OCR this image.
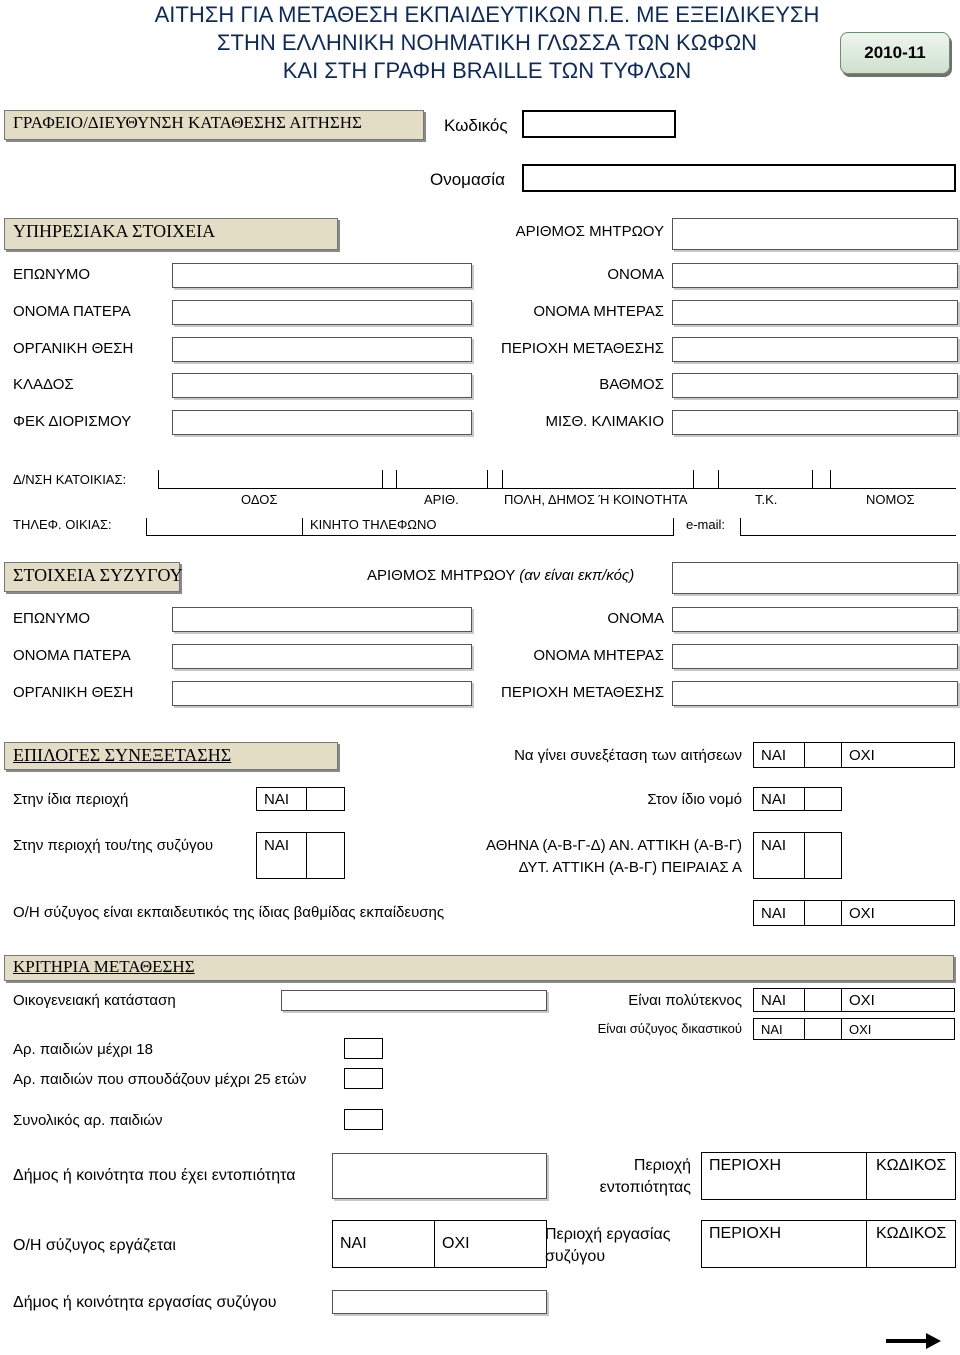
ΑΙΤΗΣΗ ΓΙΑ ΜΕΤΑΘΕΣΗ ΕΚΠΑΙΔΕΥΤΙΚΩΝ Π.Ε. ΜΕ ΕΞΕΙΔΙΚΕΥΣΗ
ΣΤΗΝ ΕΛΛΗΝΙΚΗ ΝΟΗΜΑΤΙΚΗ ΓΛΩΣΣΑ ΤΩΝ ΚΩΦΩΝ
ΚΑΙ ΣΤΗ ΓΡΑΦΗ BRAILLE ΤΩΝ ΤΥΦΛΩΝ
2010-11
ΓΡΑΦΕΙΟ/ΔΙΕΥΘΥΝΣΗ ΚΑΤΑΘΕΣΗΣ ΑΙΤΗΣΗΣ	Κωδικός
Ονομασία
ΥΠΗΡΕΣΙΑΚΑ ΣΤΟΙΧΕΙΑ	ΑΡΙΘΜΟΣ ΜΗΤΡΩΟΥ
ΕΠΩΝΥΜΟ	ΟΝΟΜΑ
ΟΝΟΜΑ ΠΑΤΕΡΑ	ΟΝΟΜΑ ΜΗΤΕΡΑΣ
ΟΡΓΑΝΙΚΗ ΘΕΣΗ	ΠΕΡΙΟΧΗ ΜΕΤΑΘΕΣΗΣ
ΚΛΑΔΟΣ	ΒΑΘΜΟΣ
ΦΕΚ ΔΙΟΡΙΣΜΟΥ	ΜΙΣΘ. ΚΛΙΜΑΚΙΟ
Δ/ΝΣΗ ΚΑΤΟΙΚΙΑΣ:
ΟΔΟΣ	ΑΡΙΘ.	ΠΟΛΗ, ΔΗΜΟΣ Ή ΚΟΙΝΟΤΗΤΑ	Τ.Κ.	ΝΟΜΟΣ
ΤΗΛΕΦ. ΟΙΚΙΑΣ:	ΚΙΝΗΤΟ ΤΗΛΕΦΩΝΟ	e-mail:
ΣΤΟΙΧΕΙΑ ΣΥΖΥΓΟΥ	ΑΡΙΘΜΟΣ ΜΗΤΡΩΟΥ (αν είναι εκπ/κός)
ΕΠΩΝΥΜΟ	ΟΝΟΜΑ
ΟΝΟΜΑ ΠΑΤΕΡΑ	ΟΝΟΜΑ ΜΗΤΕΡΑΣ
ΟΡΓΑΝΙΚΗ ΘΕΣΗ	ΠΕΡΙΟΧΗ ΜΕΤΑΘΕΣΗΣ
ΕΠΙΛΟΓΕΣ ΣΥΝΕΞΕΤΑΣΗΣ	Να γίνει συνεξέταση των αιτήσεων	ΝΑΙ	ΟΧΙ
Στην ίδια περιοχή	ΝΑΙ	Στον ίδιο νομό	ΝΑΙ
Στην περιοχή του/της συζύγου	ΝΑΙ	ΑΘΗΝΑ (Α-Β-Γ-Δ) ΑΝ. ΑΤΤΙΚΗ (Α-Β-Γ)
ΔΥΤ. ΑΤΤΙΚΗ (Α-Β-Γ) ΠΕΙΡΑΙΑΣ Α
ΝΑΙ
Ο/Η σύζυγος είναι εκπαιδευτικός της ίδιας βαθμίδας εκπαίδευσης	ΝΑΙ	ΟΧΙ
ΚΡΙΤΗΡΙΑ ΜΕΤΑΘΕΣΗΣ
Οικογενειακή κατάσταση	Είναι πολύτεκνος	ΝΑΙ	ΟΧΙ
Είναι σύζυγος δικαστικού	ΝΑΙ	ΟΧΙ
Αρ. παιδιών μέχρι 18
Αρ. παιδιών που σπουδάζουν μέχρι 25 ετών
Συνολικός αρ. παιδιών
Δήμος ή κοινότητα που έχει εντοπιότητα
Περιοχή
εντοπιότητας
ΠΕΡΙΟΧΗ	ΚΩΔΙΚΟΣ
Ο/Η σύζυγος εργάζεται	ΝΑΙ	ΟΧΙ
Περιοχή εργασίας
συζύγου
ΠΕΡΙΟΧΗ	ΚΩΔΙΚΟΣ
Δήμος ή κοινότητα εργασίας συζύγου
